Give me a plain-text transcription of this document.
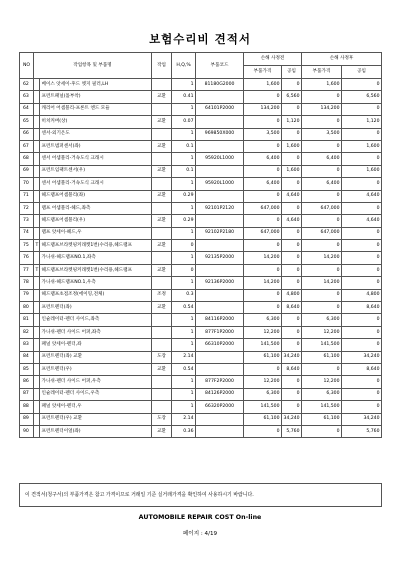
보험수리비 견적서
NO	작업항목 및 부품명		작업	H,Q,%	부품코드	손해 사정전		손해 사정후	
						부품가격	공임	부품가격	공임
62		베이스 앗세이-후드 엣지 필러,LH		1	81180G2000	1,600	0	1,600	0
63		프런트패널(틀부착)	교환	0.41		0	6,560	0	6,560
64		캐리어 어셈블리-프론트 엔드 모듈		1	64101P2000	134,200	0	134,200	0
65		히치커버(상)	교환	0.07		0	1,120	0	1,120
66		센서-외기온도		1	969850X000	3,500	0	3,500	0
67		프런트범퍼센서(좌)	교환	0.1		0	1,600	0	1,600
68		센서 어셈블리-거속도식 크래시		1	95920L1000	6,400	0	6,400	0
69		프런트임팩트센서(우)	교환	0.1		0	1,600	0	1,600
70		센서 어셈블리-거속도식 크래시		1	95920L1000	6,400	0	6,400	0
71		헤드램프어셈블리(좌)	교환	0.29		0	4,640	0	4,640
72		램프 어셈블리-헤드,좌측		1	92101P2120	647,000	0	647,000	0
73		헤드램프어셈블리(우)	교환	0.29		0	4,640	0	4,640
74		램프 앗세이-헤드,우		1	92102P2180	647,000	0	647,000	0
75	T	헤드램프브라켓핑커래캣1번(수리용,헤드램프	교환	0		0	0	0	0
76		가니쉬-헤드램프NO.1,좌측		1	92135P2000	14,200	0	14,200	0
77	T	헤드램프브라켓핑커래캣1번(수리용,헤드램프	교환	0		0	0	0	0
78		가니쉬-헤드램프NO.1,우측		1	92136P2000	14,200	0	14,200	0
79		헤드램프초점조정(에이밍,전체)	조정	0.3		0	4,800	0	4,800
80		프런트펜더(좌)	교환	0.54		0	8,640	0	8,640
81		인슐레이터-펜더 사이드,좌측		1	84116P2000	6,300	0	6,300	0
82		가니쉬-펜더 사이드 어퍼,좌측		1	877F1P2000	12,200	0	12,200	0
83		패널 앗세이-펜더,좌		1	66310P2000	141,500	0	141,500	0
84		프런트펜더(좌) 교환	도장	2.14		61,100	34,240	61,100	34,240
85		프런트펜더(우)	교환	0.54		0	8,640	0	8,640
86		가니쉬-펜더 사이드 어퍼,우측		1	877F2P2000	12,200	0	12,200	0
87		인슐레이터-펜더 사이드,우측		1	84126P2000	6,300	0	6,300	0
88		패널 앗세이-펜더,우		1	66320P2000	141,500	0	141,500	0
89		프런트펜더(우) 교환	도장	2.14		61,100	34,240	61,100	34,240
90		프런트펜더이얼(좌)	교환	0.36		0	5,760	0	5,760
이 견적서(청구서)의 부품가격은 참고 가격이므로 거래일 기준 실거래가격을 확인하여 사용하시기 바랍니다.
AUTOMOBILE REPAIR COST On-line
페이지 : 4/19
